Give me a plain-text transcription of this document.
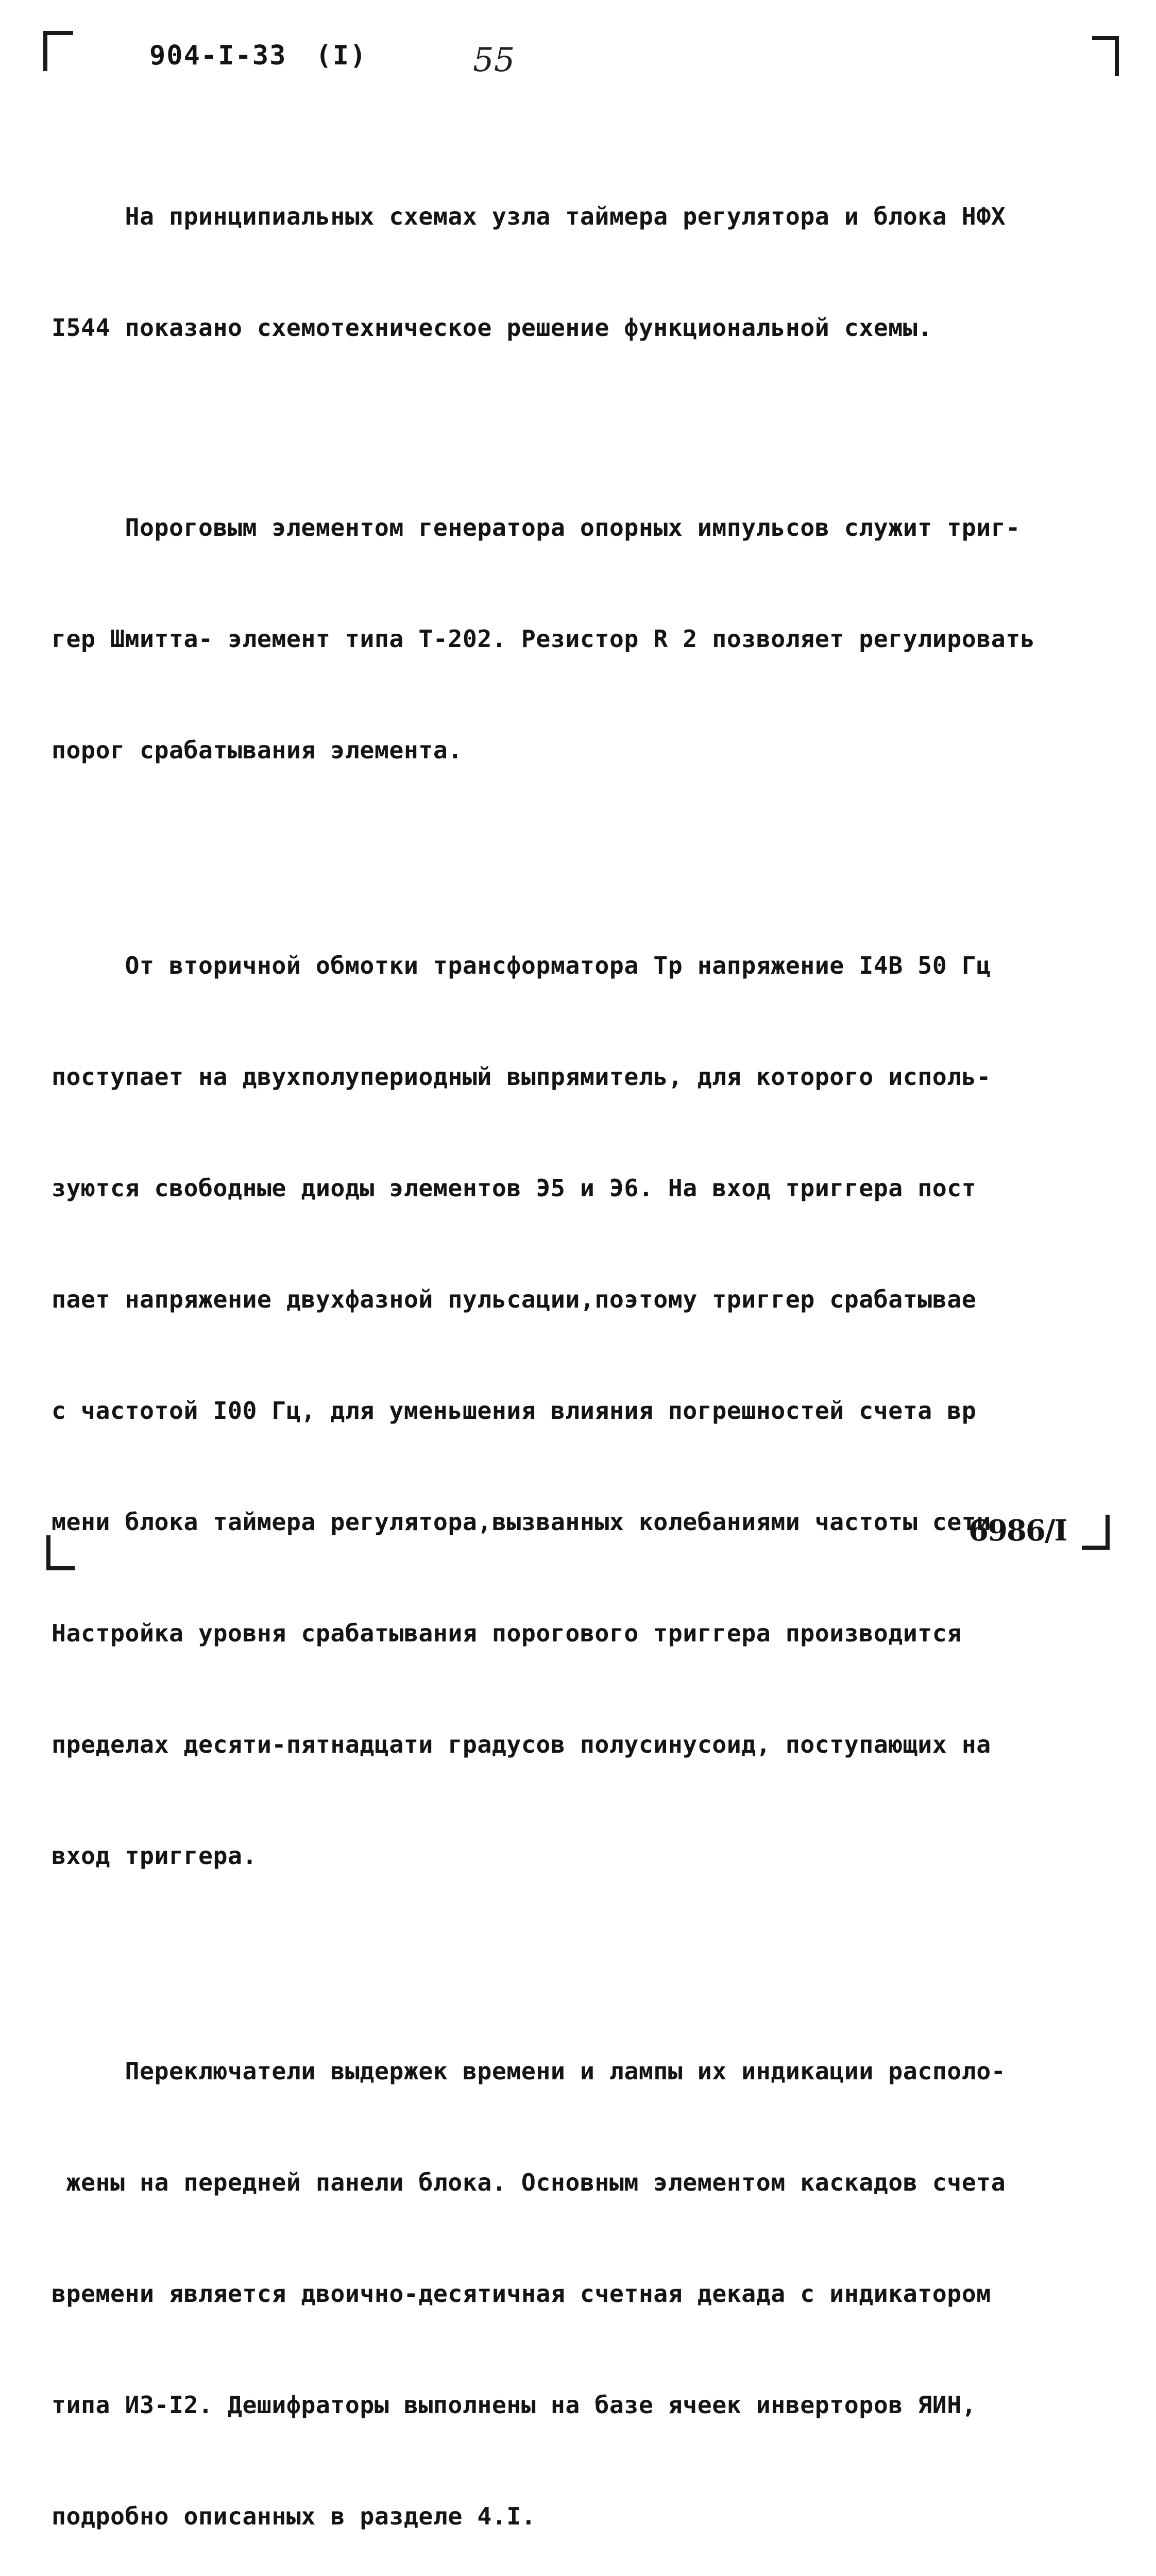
904-I-33 (I)	55

На принципиальных схемах узла таймера регулятора и блока НФХ

I544 показано схемотехническое решение функциональной схемы.

Пороговым элементом генератора опорных импульсов служит триг-

гер Шмитта- элемент типа Т-202. Резистор R 2 позволяет регулировать

порог срабатывания элемента.

От вторичной обмотки трансформатора Тр напряжение I4В 50 Гц

поступает на двухполупериодный выпрямитель, для которого исполь-

зуются свободные диоды элементов Э5 и Э6. На вход триггера пост

пает напряжение двухфазной пульсации,поэтому триггер срабатывае

с частотой I00 Гц, для уменьшения влияния погрешностей счета вр

мени блока таймера регулятора,вызванных колебаниями частоты сети

Настройка уровня срабатывания порогового триггера производится

пределах десяти-пятнадцати градусов полусинусоид, поступающих на

вход триггера.

Переключатели выдержек времени и лампы их индикации располо-

жены на передней панели блока. Основным элементом каскадов счета

времени является двоично-десятичная счетная декада с индикатором

типа ИЗ-I2. Дешифраторы выполнены на базе ячеек инверторов ЯИН,

подробно описанных в разделе 4.I.

6986/I
